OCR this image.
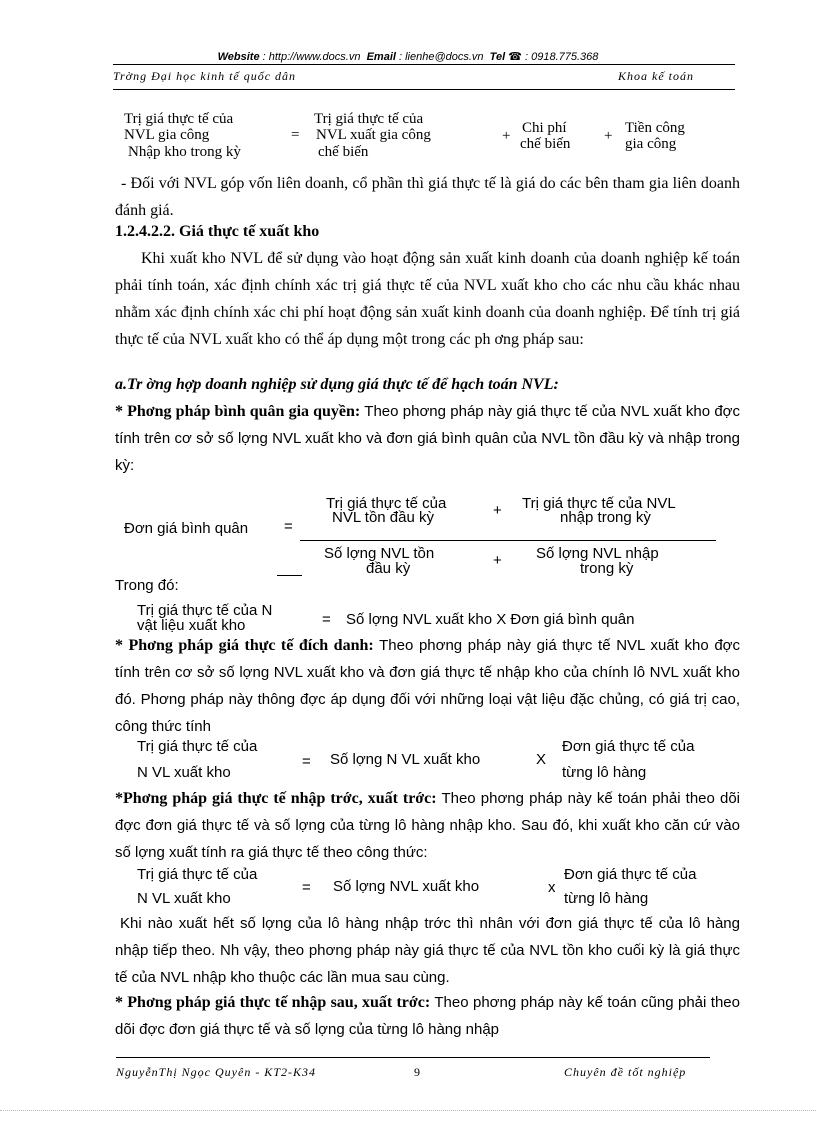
Website : http://www.docs.vn Email : lienhe@docs.vn Tel ☎ : 0918.775.368
Trờng Đại học kinh tế quốc dân	Khoa kế toán
Trị giá thực tế của
NVL gia công
Nhập kho trong kỳ
=
Trị giá thực tế của
NVL xuất gia công
chế biến
+ Chi phí
chế biến + Tiền công
gia công
- Đối với NVL góp vốn liên doanh, cổ phần thì giá thực tế là giá do các bên tham gia liên doanh đánh giá.
1.2.4.2.2. Giá thực tế xuất kho
Khi xuất kho NVL để sử dụng vào hoạt động sản xuất kinh doanh của doanh nghiệp kế toán phải tính toán, xác định chính xác trị giá thực tế của NVL xuất kho cho các nhu cầu khác nhau nhằm xác định chính xác chi phí hoạt động sản xuất kinh doanh của doanh nghiệp. Để tính trị giá thực tế của NVL xuất kho có thể áp dụng một trong các ph ơng pháp sau:
a.Tr ờng hợp doanh nghiệp sử dụng giá thực tế để hạch toán NVL:
* Phơng pháp bình quân gia quyền: Theo phơng pháp này giá thực tế của NVL xuất kho đợc tính trên cơ sở số lợng NVL xuất kho và đơn giá bình quân của NVL tồn đầu kỳ và nhập trong kỳ:
Đơn giá bình quân =
Trị giá thực tế của
NVL tồn đầu kỳ	+ Trị giá thực tế của NVL
nhập trong kỳ
Số lợng NVL tồn
đầu kỳ	+ Số lợng NVL nhập
trong kỳ
Trong đó:
Trị giá thực tế của N
vật liệu xuất kho	= Số lợng NVL xuất kho X Đơn giá bình quân
* Phơng pháp giá thực tế đích danh: Theo phơng pháp này giá thực tế NVL xuất kho đợc tính trên cơ sở số lợng NVL xuất kho và đơn giá thực tế nhập kho của chính lô NVL xuất kho đó. Phơng pháp này thông đợc áp dụng đối với những loại vật liệu đặc chủng, có giá trị cao, công thức tính
Trị giá thực tế của
N VL xuất kho
= Số lợng N VL xuất kho	X
Đơn giá thực tế của
từng lô hàng
*Phơng pháp giá thực tế nhập trớc, xuất trớc: Theo phơng pháp này kế toán phải theo dõi đợc đơn giá thực tế và số lợng của từng lô hàng nhập kho. Sau đó, khi xuất kho căn cứ vào số lợng xuất tính ra giá thực tế theo công thức:
Trị giá thực tế của
N VL xuất kho
= Số lợng NVL xuất kho	x
Đơn giá thực tế của
từng lô hàng
Khi nào xuất hết số lợng của lô hàng nhập trớc thì nhân với đơn giá thực tế của lô hàng nhập tiếp theo. Nh vậy, theo phơng pháp này giá thực tế của NVL tồn kho cuối kỳ là giá thực tế của NVL nhập kho thuộc các lần mua sau cùng.
* Phơng pháp giá thực tế nhập sau, xuất trớc: Theo phơng pháp này kế toán cũng phải theo dõi đợc đơn giá thực tế và số lợng của từng lô hàng nhập
NguyễnThị Ngọc Quyên - KT2-K34	9	Chuyên đề tốt nghiệp
